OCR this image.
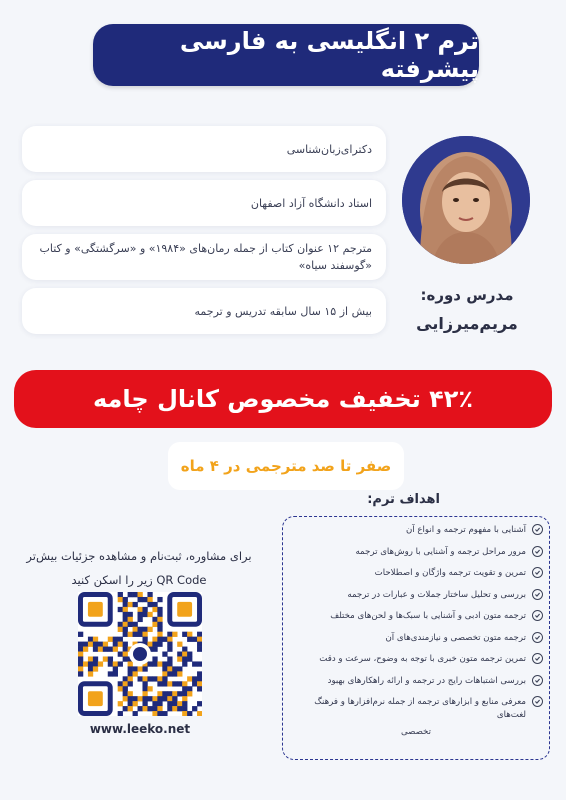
ترم ۲ انگلیسی به فارسی پیشرفته
دکترای‌زبان‌شناسی
استاد دانشگاه آزاد اصفهان
مترجم ۱۲ عنوان کتاب از جمله رمان‌های «۱۹۸۴» و «سرگشتگی» و کتاب «گوسفند سیاه»
بیش از ۱۵ سال سابقه تدریس و ترجمه
مدرس دوره:
مریم‌میرزایی
۴۲٪ تخفیف مخصوص کانال چامه
صفر تا صد مترجمی در ۴ ماه
اهداف ترم:
آشنایی با مفهوم ترجمه و انواع آن
مرور مراحل ترجمه و آشنایی با روش‌های ترجمه
تمرین و تقویت ترجمه واژگان و اصطلاحات
بررسی و تحلیل ساختار جملات و عبارات در ترجمه
ترجمه متون ادبی و آشنایی با سبک‌ها و لحن‌های مختلف
ترجمه متون تخصصی و نیازمندی‌های آن
تمرین ترجمه متون خبری با توجه به وضوح، سرعت و دقت
بررسی اشتباهات رایج در ترجمه و ارائه راهکارهای بهبود
معرفی منابع و ابزارهای ترجمه از جمله نرم‌افزارها و فرهنگ لغت‌های
تخصصی
برای مشاوره، ثبت‌نام و مشاهده جزئیات بیش‌تر
QR Code زیر را اسکن کنید
www.leeko.net
